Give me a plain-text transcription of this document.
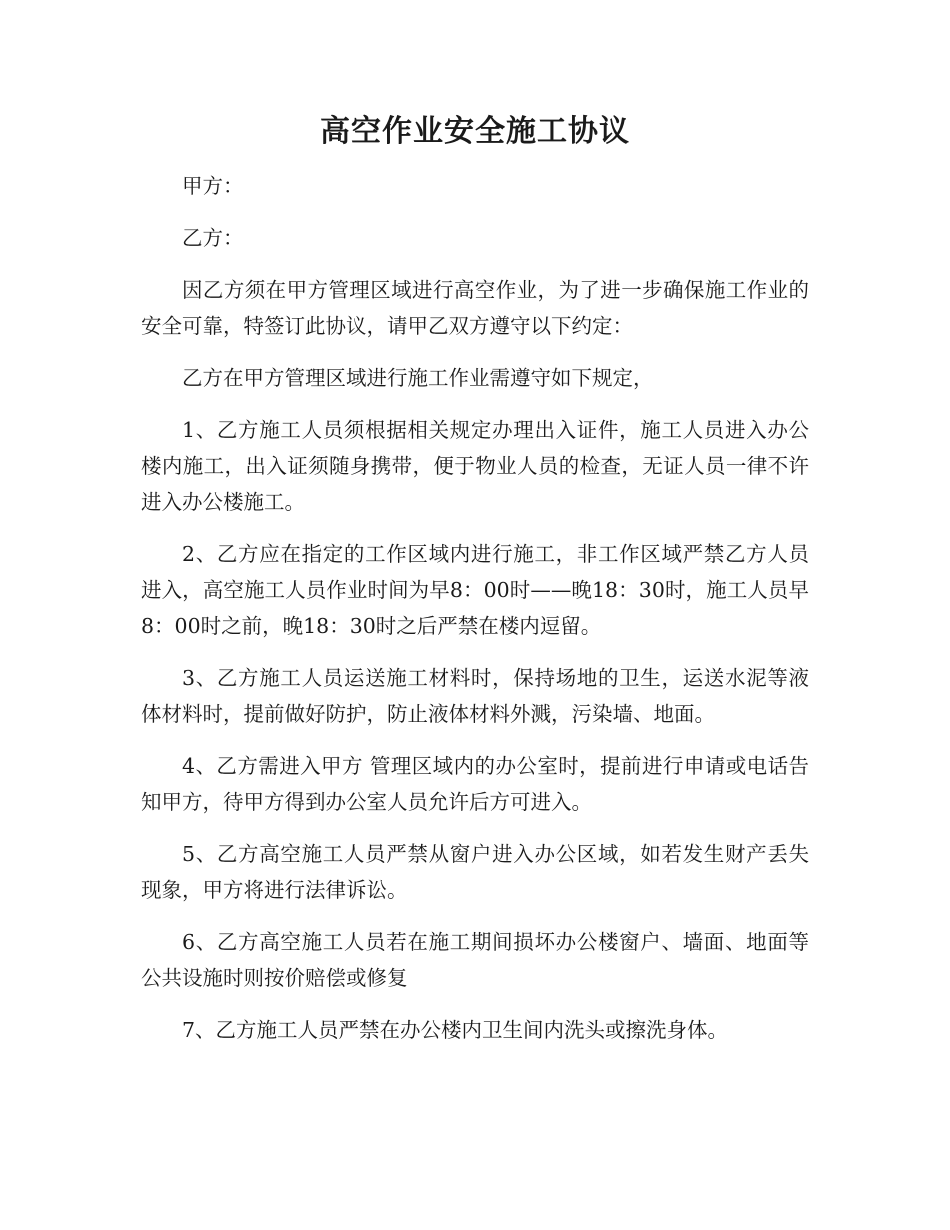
高空作业安全施工协议

甲方：

乙方：

因乙方须在甲方管理区域进行高空作业，为了进一步确保施工作业的安全可靠，特签订此协议，请甲乙双方遵守以下约定：

乙方在甲方管理区域进行施工作业需遵守如下规定，

1、乙方施工人员须根据相关规定办理出入证件，施工人员进入办公楼内施工，出入证须随身携带，便于物业人员的检查，无证人员一律不许进入办公楼施工。

2、乙方应在指定的工作区域内进行施工，非工作区域严禁乙方人员进入，高空施工人员作业时间为早8：00时——晚18：30时，施工人员早8：00时之前，晚18：30时之后严禁在楼内逗留。

3、乙方施工人员运送施工材料时，保持场地的卫生，运送水泥等液体材料时，提前做好防护，防止液体材料外溅，污染墙、地面。

4、乙方需进入甲方 管理区域内的办公室时，提前进行申请或电话告知甲方，待甲方得到办公室人员允许后方可进入。

5、乙方高空施工人员严禁从窗户进入办公区域，如若发生财产丢失现象，甲方将进行法律诉讼。

6、乙方高空施工人员若在施工期间损坏办公楼窗户、墙面、地面等公共设施时则按价赔偿或修复

7、乙方施工人员严禁在办公楼内卫生间内洗头或擦洗身体。
